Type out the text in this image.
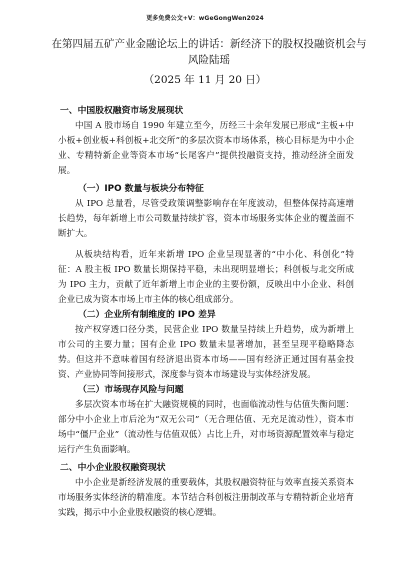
更多免费公文+V：wGeGongWen2024
在第四届五矿产业金融论坛上的讲话：新经济下的股权投融资机会与风险陆瑶
（2025 年 11 月 20 日）
一、中国股权融资市场发展现状

中国 A 股市场自 1990 年建立至今，历经三十余年发展已形成“主板+中小板+创业板+科创板+北交所”的多层次资本市场体系，核心目标是为中小企业、专精特新企业等资本市场“长尾客户”提供投融资支持，推动经济全面发展。

（一）IPO 数量与板块分布特征

从 IPO 总量看，尽管受政策调整影响存在年度波动，但整体保持高速增长趋势，每年新增上市公司数量持续扩容，资本市场服务实体企业的覆盖面不断扩大。

从板块结构看，近年来新增 IPO 企业呈现显著的“中小化、科创化”特征：A 股主板 IPO 数量长期保持平稳，未出现明显增长；科创板与北交所成为 IPO 主力，贡献了近年新增上市企业的主要份额，反映出中小企业、科创企业已成为资本市场上市主体的核心组成部分。

（二）企业所有制维度的 IPO 差异

按产权穿透口径分类，民营企业 IPO 数量呈持续上升趋势，成为新增上市公司的主要力量；国有企业 IPO 数量未显著增加，甚至呈现平稳略降态势。但这并不意味着国有经济退出资本市场——国有经济正通过国有基金投资、产业协同等间接形式，深度参与资本市场建设与实体经济发展。

（三）市场现存风险与问题

多层次资本市场在扩大融资规模的同时，也面临流动性与估值失衡问题：部分中小企业上市后沦为“双无公司”（无合理估值、无充足流动性），资本市场中“僵尸企业”（流动性与估值双低）占比上升，对市场资源配置效率与稳定运行产生负面影响。

二、中小企业股权融资现状

中小企业是新经济发展的重要载体，其股权融资特征与效率直接关系资本市场服务实体经济的精准度。本节结合科创板注册制改革与专精特新企业培育实践，揭示中小企业股权融资的核心逻辑。
